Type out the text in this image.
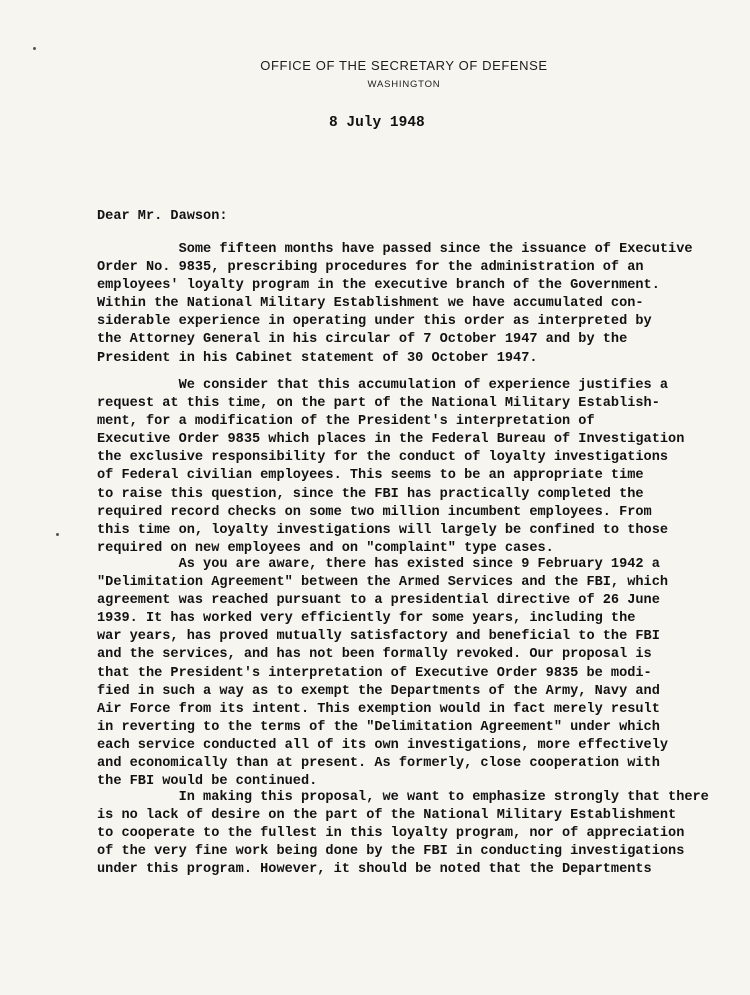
OFFICE OF THE SECRETARY OF DEFENSE
WASHINGTON
8 July 1948
Dear Mr. Dawson:

Some fifteen months have passed since the issuance of Executive
Order No. 9835, prescribing procedures for the administration of an
employees' loyalty program in the executive branch of the Government.
Within the National Military Establishment we have accumulated con-
siderable experience in operating under this order as interpreted by
the Attorney General in his circular of 7 October 1947 and by the
President in his Cabinet statement of 30 October 1947.

We consider that this accumulation of experience justifies a
request at this time, on the part of the National Military Establish-
ment, for a modification of the President's interpretation of
Executive Order 9835 which places in the Federal Bureau of Investigation
the exclusive responsibility for the conduct of loyalty investigations
of Federal civilian employees. This seems to be an appropriate time
to raise this question, since the FBI has practically completed the
required record checks on some two million incumbent employees. From
this time on, loyalty investigations will largely be confined to those
required on new employees and on "complaint" type cases.

As you are aware, there has existed since 9 February 1942 a
"Delimitation Agreement" between the Armed Services and the FBI, which
agreement was reached pursuant to a presidential directive of 26 June
1939. It has worked very efficiently for some years, including the
war years, has proved mutually satisfactory and beneficial to the FBI
and the services, and has not been formally revoked. Our proposal is
that the President's interpretation of Executive Order 9835 be modi-
fied in such a way as to exempt the Departments of the Army, Navy and
Air Force from its intent. This exemption would in fact merely result
in reverting to the terms of the "Delimitation Agreement" under which
each service conducted all of its own investigations, more effectively
and economically than at present. As formerly, close cooperation with
the FBI would be continued.

In making this proposal, we want to emphasize strongly that there
is no lack of desire on the part of the National Military Establishment
to cooperate to the fullest in this loyalty program, nor of appreciation
of the very fine work being done by the FBI in conducting investigations
under this program. However, it should be noted that the Departments
